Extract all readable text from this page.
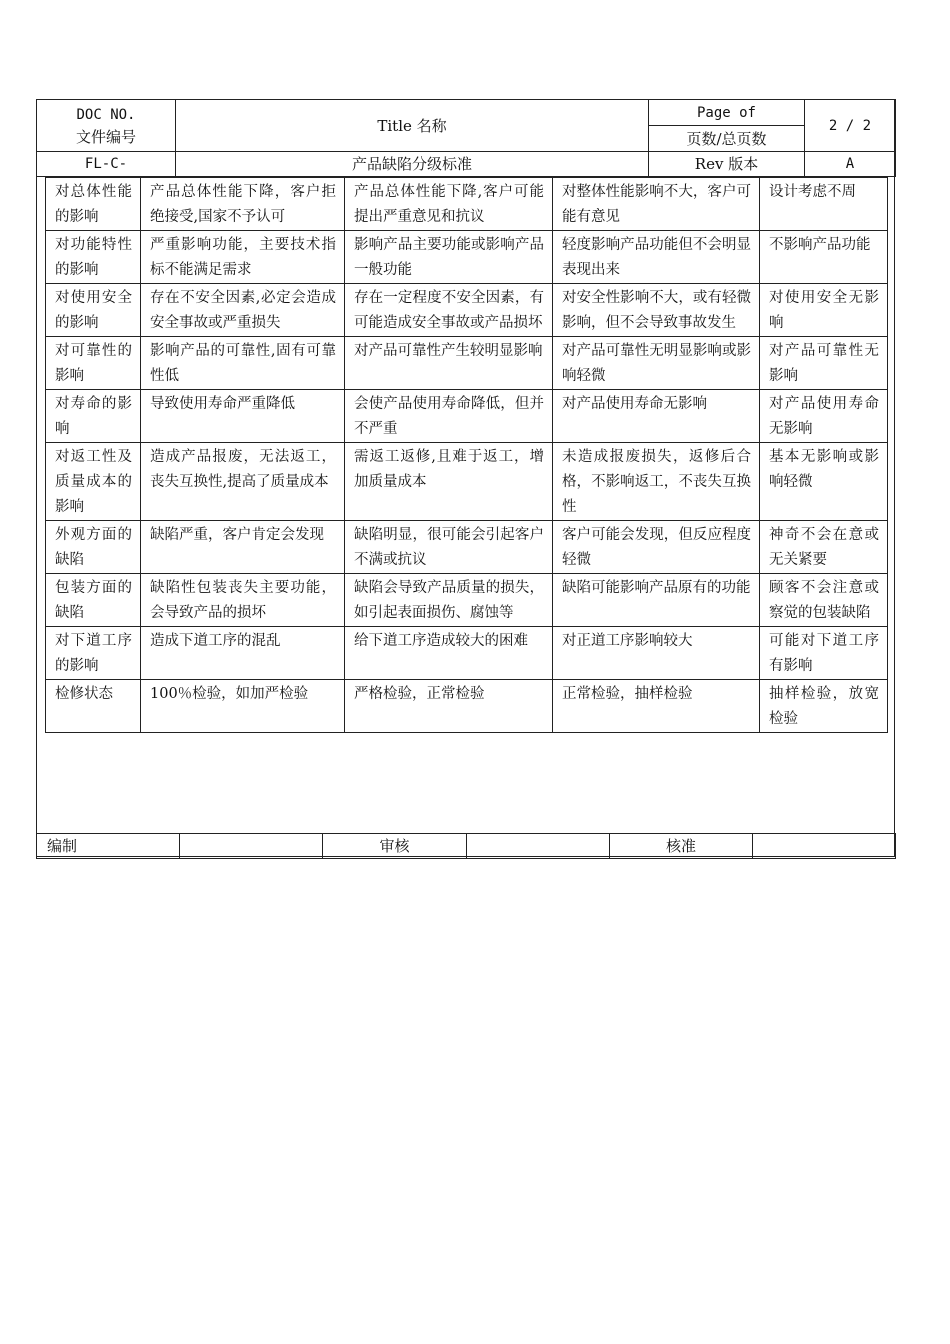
DOC NO.
文件编号	Title 名称	Page of	2 / 2
		页数/总页数	
FL-C-	产品缺陷分级标准	Rev 版本	A
对总体性能的影响	产品总体性能下降，客户拒绝接受,国家不予认可	产品总体性能下降,客户可能提出严重意见和抗议	对整体性能影响不大，客户可能有意见	设计考虑不周
对功能特性的影响	严重影响功能，主要技术指标不能满足需求	影响产品主要功能或影响产品一般功能	轻度影响产品功能但不会明显表现出来	不影响产品功能
对使用安全的影响	存在不安全因素,必定会造成安全事故或严重损失	存在一定程度不安全因素，有可能造成安全事故或产品损坏	对安全性影响不大，或有轻微影响，但不会导致事故发生	对使用安全无影响
对可靠性的影响	影响产品的可靠性,固有可靠性低	对产品可靠性产生较明显影响	对产品可靠性无明显影响或影响轻微	对产品可靠性无影响
对寿命的影响	导致使用寿命严重降低	会使产品使用寿命降低，但并不严重	对产品使用寿命无影响	对产品使用寿命无影响
对返工性及质量成本的影响	造成产品报废，无法返工，丧失互换性,提高了质量成本	需返工返修,且难于返工，增加质量成本	未造成报废损失，返修后合格，不影响返工，不丧失互换性	基本无影响或影响轻微
外观方面的缺陷	缺陷严重，客户肯定会发现	缺陷明显，很可能会引起客户不满或抗议	客户可能会发现，但反应程度轻微	神奇不会在意或无关紧要
包装方面的缺陷	缺陷性包装丧失主要功能，会导致产品的损坏	缺陷会导致产品质量的损失，如引起表面损伤、腐蚀等	缺陷可能影响产品原有的功能	顾客不会注意或察觉的包装缺陷
对下道工序的影响	造成下道工序的混乱	给下道工序造成较大的困难	对正道工序影响较大	可能对下道工序有影响
检修状态	100％检验，如加严检验	严格检验，正常检验	正常检验，抽样检验	抽样检验，放宽检验
编制		审核		核准	
